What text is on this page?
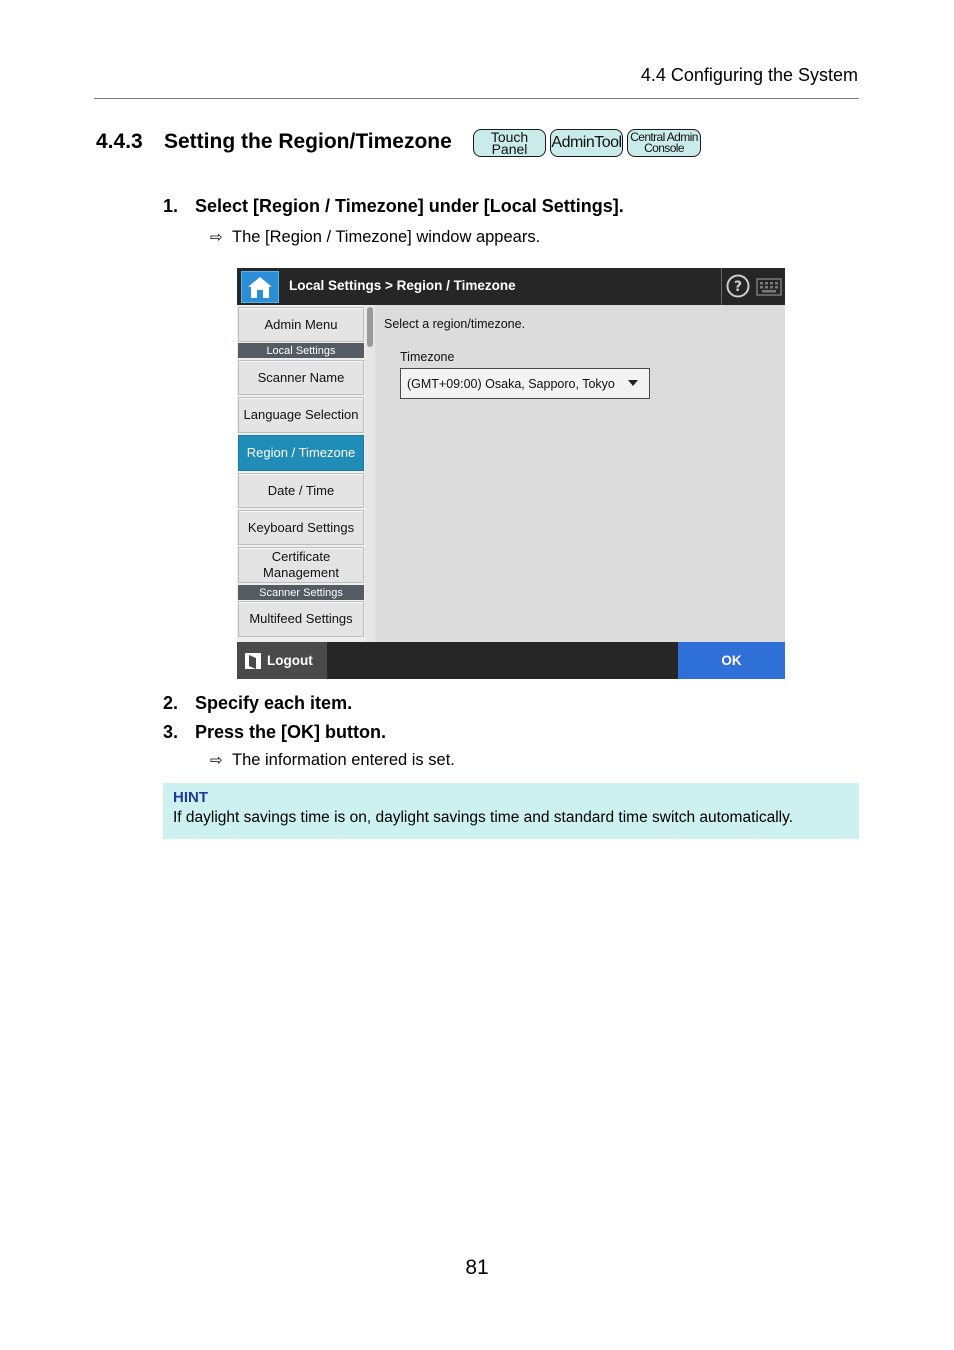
4.4 Configuring the System
4.4.3 Setting the Region/Timezone	Touch
Panel AdminTool Central Admin
Console
1. Select [Region / Timezone] under [Local Settings].
⇨ The [Region / Timezone] window appears.
Local Settings > Region / Timezone	?
Admin Menu
Local Settings
Scanner Name
Language Selection
Region / Timezone
Date / Time
Keyboard Settings
Certificate Management
Scanner Settings
Multifeed Settings
Select a region/timezone.
Timezone
(GMT+09:00) Osaka, Sapporo, Tokyo
Logout	OK
2. Specify each item.
3. Press the [OK] button.
⇨ The information entered is set.
HINT
If daylight savings time is on, daylight savings time and standard time switch automatically.
81
